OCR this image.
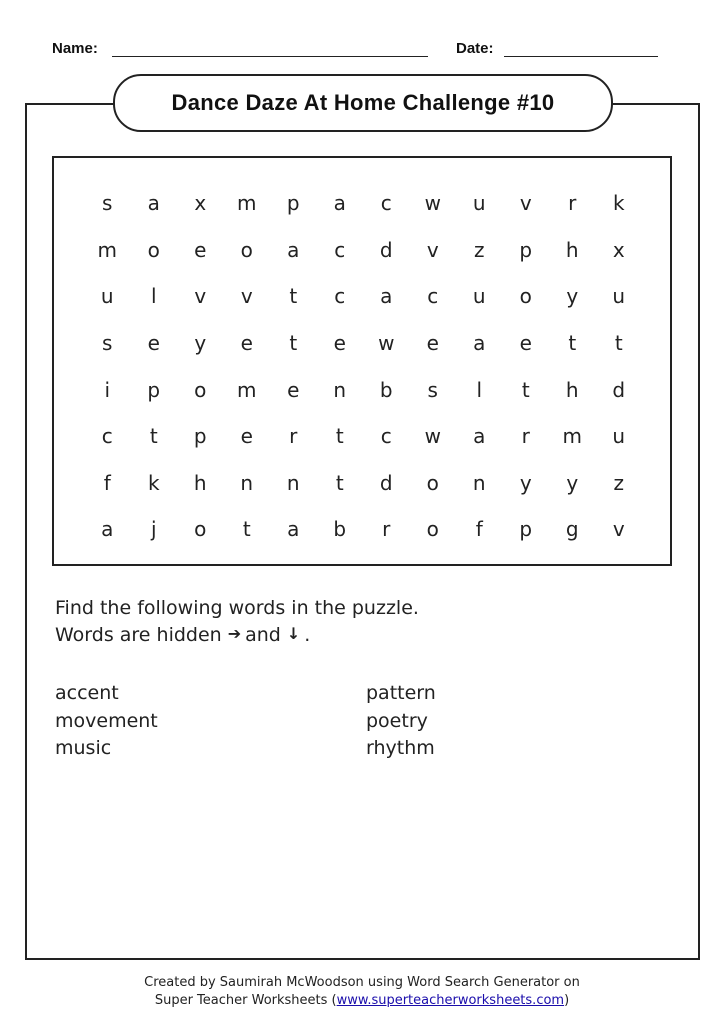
Name:	Date:
Dance Daze At Home Challenge #10
s	a	x	m	p	a	c	w	u	v	r	k
m	o	e	o	a	c	d	v	z	p	h	x
u	l	v	v	t	c	a	c	u	o	y	u
s	e	y	e	t	e	w	e	a	e	t	t
i	p	o	m	e	n	b	s	l	t	h	d
c	t	p	e	r	t	c	w	a	r	m	u
f	k	h	n	n	t	d	o	n	y	y	z
a	j	o	t	a	b	r	o	f	p	g	v
Find the following words in the puzzle.
Words are hidden ➔ and ↓ .
accent
movement
music
pattern
poetry
rhythm
Created by Saumirah McWoodson using Word Search Generator on
Super Teacher Worksheets (www.superteacherworksheets.com)
